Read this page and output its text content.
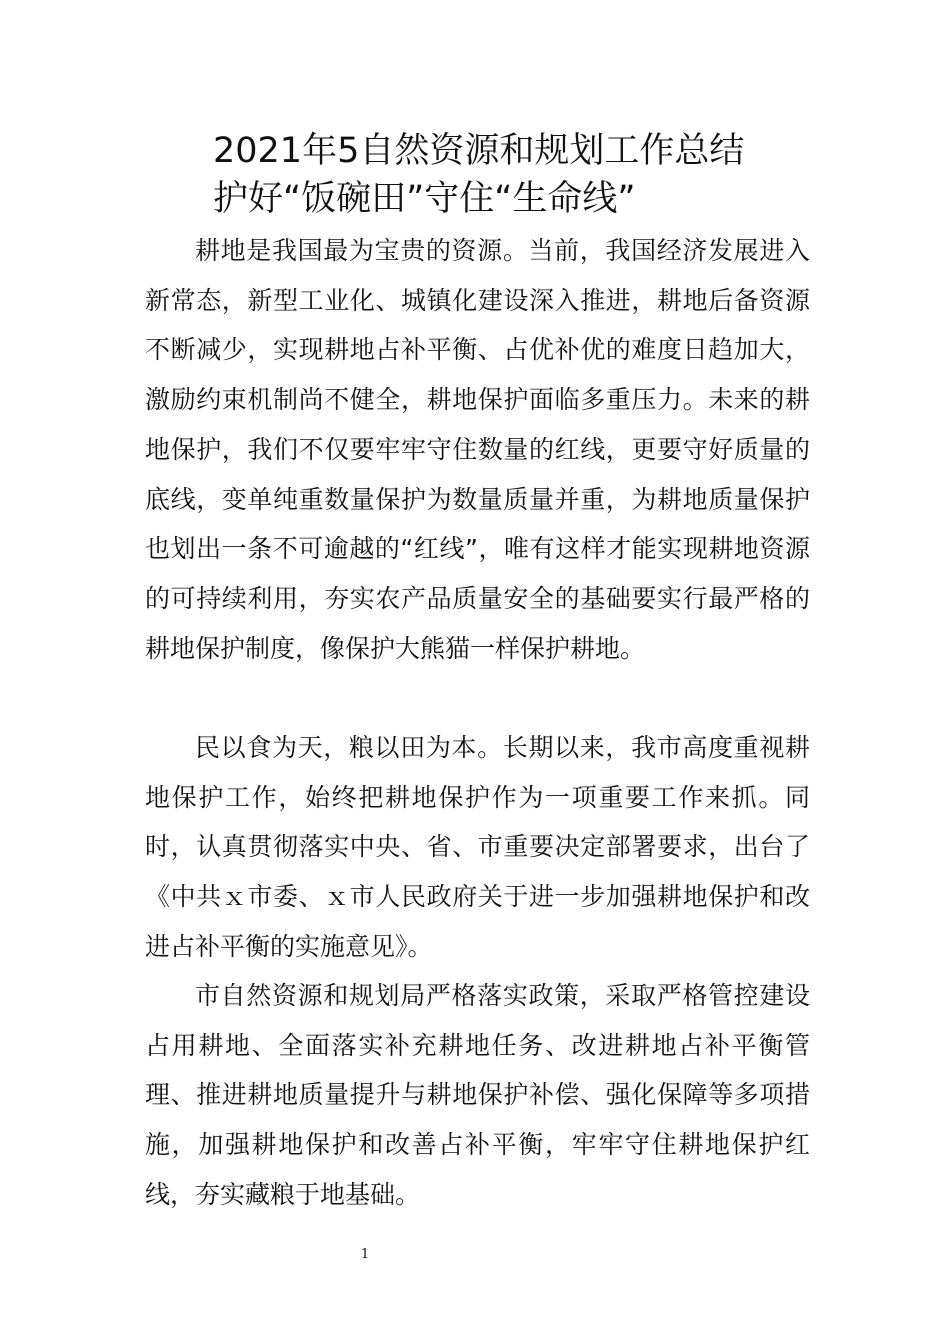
2021年5自然资源和规划工作总结
护好“饭碗田”守住“生命线”

耕地是我国最为宝贵的资源。当前，我国经济发展进入新常态，新型工业化、城镇化建设深入推进，耕地后备资源不断减少，实现耕地占补平衡、占优补优的难度日趋加大，激励约束机制尚不健全，耕地保护面临多重压力。未来的耕地保护，我们不仅要牢牢守住数量的红线，更要守好质量的底线，变单纯重数量保护为数量质量并重，为耕地质量保护也划出一条不可逾越的“红线”，唯有这样才能实现耕地资源的可持续利用，夯实农产品质量安全的基础要实行最严格的耕地保护制度，像保护大熊猫一样保护耕地。

民以食为天，粮以田为本。长期以来，我市高度重视耕地保护工作，始终把耕地保护作为一项重要工作来抓。同时，认真贯彻落实中央、省、市重要决定部署要求，出台了《中共ｘ市委、ｘ市人民政府关于进一步加强耕地保护和改进占补平衡的实施意见》。

市自然资源和规划局严格落实政策，采取严格管控建设占用耕地、全面落实补充耕地任务、改进耕地占补平衡管理、推进耕地质量提升与耕地保护补偿、强化保障等多项措施，加强耕地保护和改善占补平衡，牢牢守住耕地保护红线，夯实藏粮于地基础。

1
